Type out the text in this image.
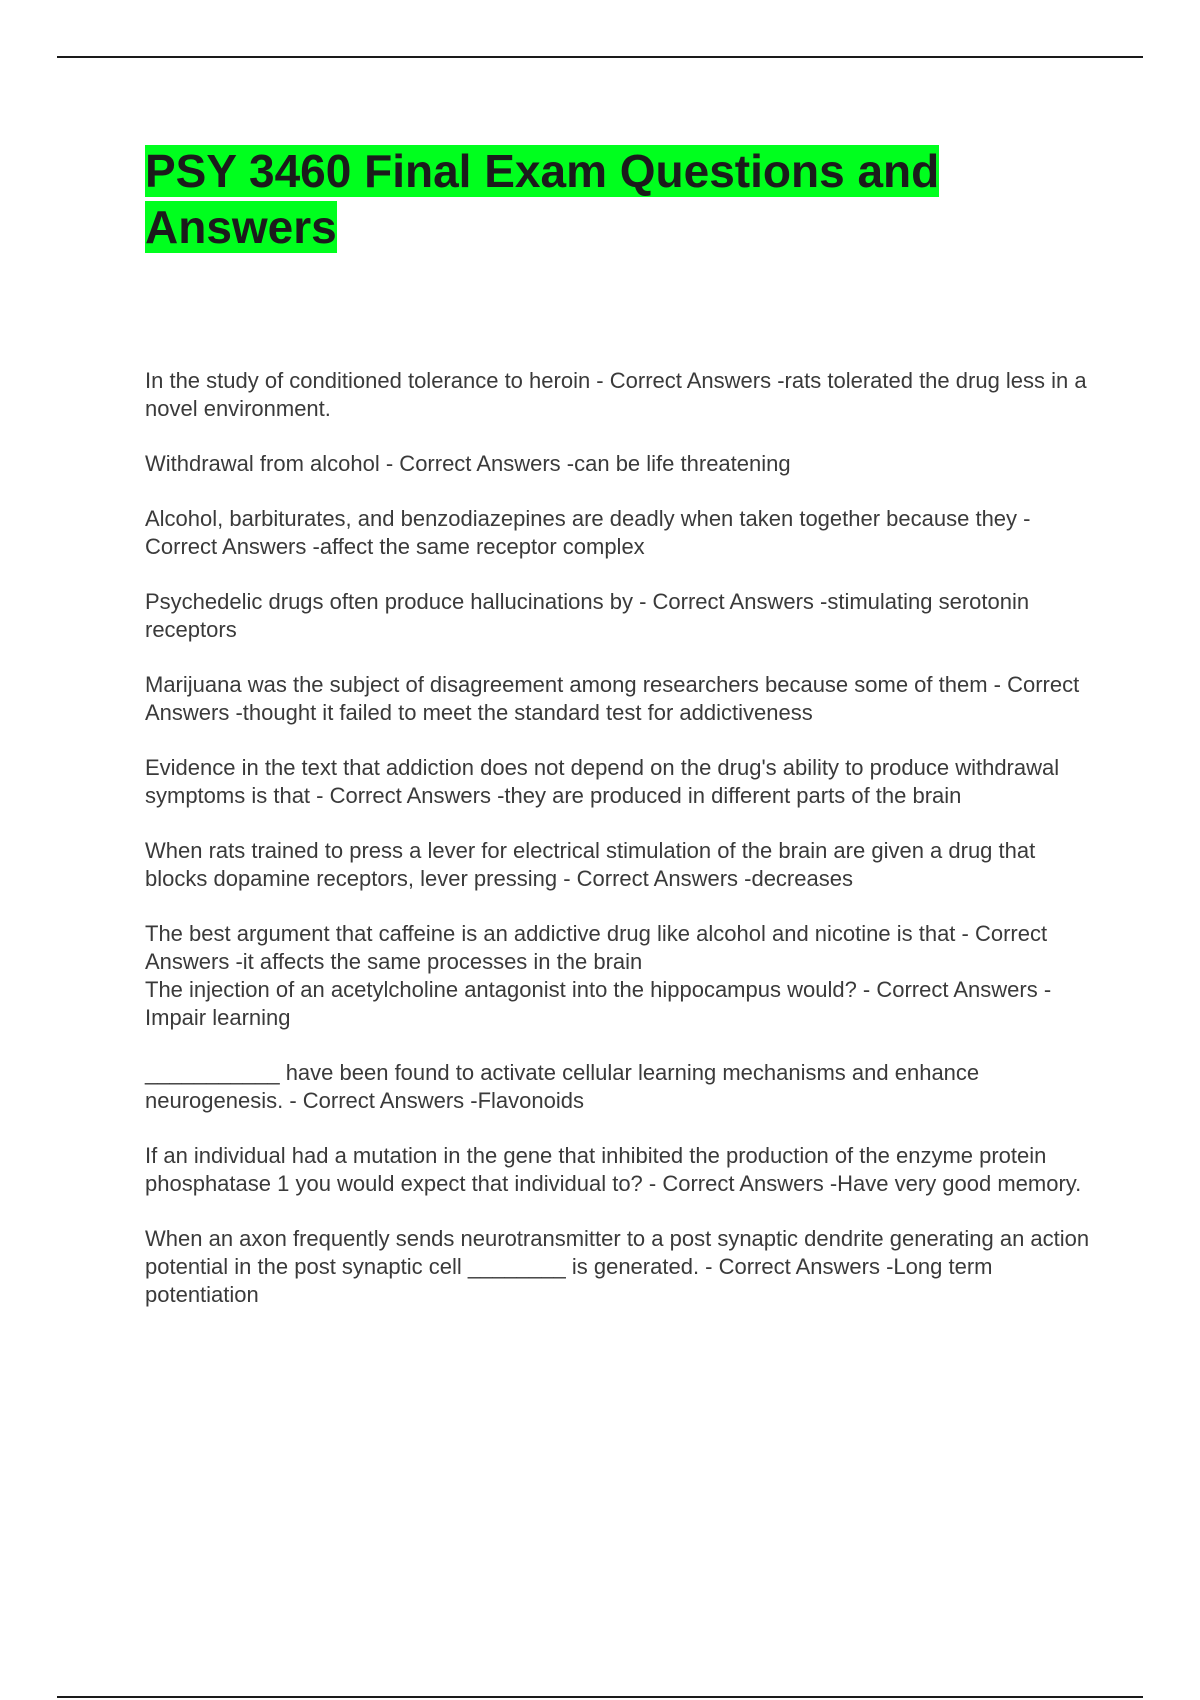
PSY 3460 Final Exam Questions and Answers
In the study of conditioned tolerance to heroin - Correct Answers -rats tolerated the drug less in a novel environment.
Withdrawal from alcohol - Correct Answers -can be life threatening
Alcohol, barbiturates, and benzodiazepines are deadly when taken together because they - Correct Answers -affect the same receptor complex
Psychedelic drugs often produce hallucinations by - Correct Answers -stimulating serotonin receptors
Marijuana was the subject of disagreement among researchers because some of them - Correct Answers -thought it failed to meet the standard test for addictiveness
Evidence in the text that addiction does not depend on the drug's ability to produce withdrawal symptoms is that - Correct Answers -they are produced in different parts of the brain
When rats trained to press a lever for electrical stimulation of the brain are given a drug that blocks dopamine receptors, lever pressing - Correct Answers -decreases
The best argument that caffeine is an addictive drug like alcohol and nicotine is that - Correct Answers -it affects the same processes in the brain
The injection of an acetylcholine antagonist into the hippocampus would? - Correct Answers -Impair learning
___________ have been found to activate cellular learning mechanisms and enhance neurogenesis. - Correct Answers -Flavonoids
If an individual had a mutation in the gene that inhibited the production of the enzyme protein phosphatase 1 you would expect that individual to? - Correct Answers -Have very good memory.
When an axon frequently sends neurotransmitter to a post synaptic dendrite generating an action potential in the post synaptic cell ________ is generated. - Correct Answers -Long term potentiation
